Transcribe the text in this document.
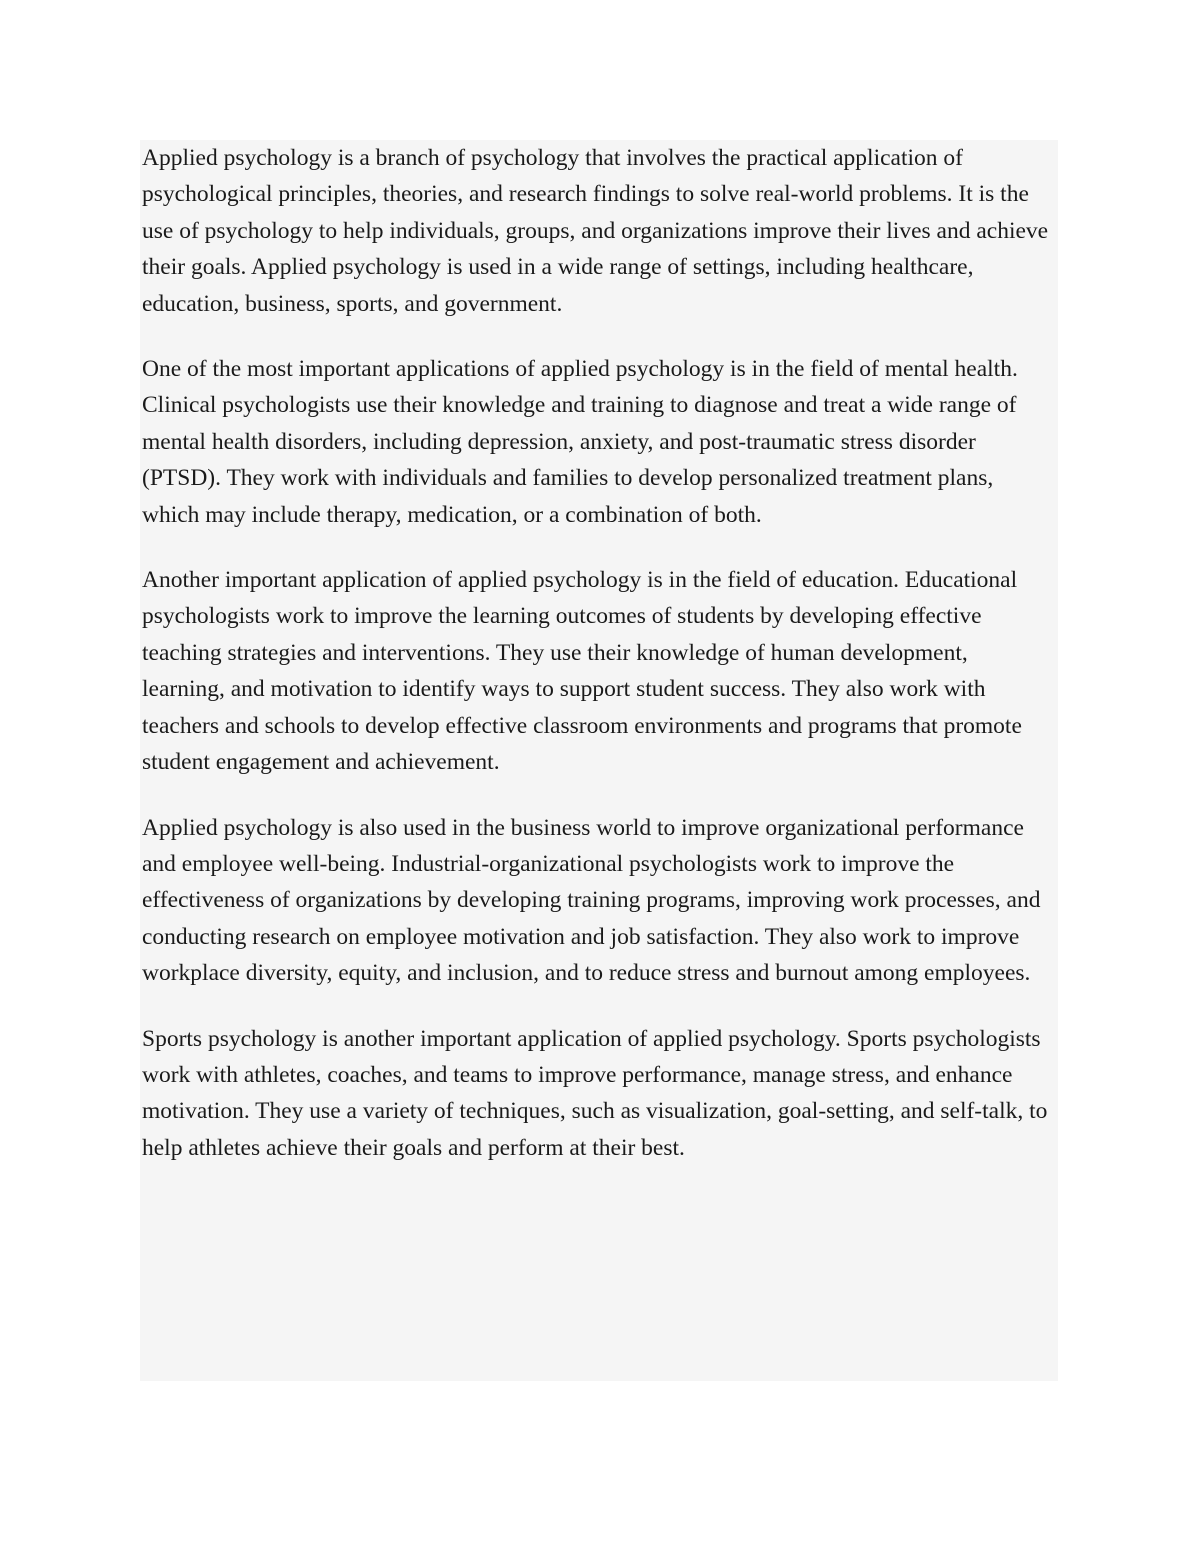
Applied psychology is a branch of psychology that involves the practical application of psychological principles, theories, and research findings to solve real-world problems. It is the use of psychology to help individuals, groups, and organizations improve their lives and achieve their goals. Applied psychology is used in a wide range of settings, including healthcare, education, business, sports, and government.

One of the most important applications of applied psychology is in the field of mental health. Clinical psychologists use their knowledge and training to diagnose and treat a wide range of mental health disorders, including depression, anxiety, and post-traumatic stress disorder (PTSD). They work with individuals and families to develop personalized treatment plans, which may include therapy, medication, or a combination of both.

Another important application of applied psychology is in the field of education. Educational psychologists work to improve the learning outcomes of students by developing effective teaching strategies and interventions. They use their knowledge of human development, learning, and motivation to identify ways to support student success. They also work with teachers and schools to develop effective classroom environments and programs that promote student engagement and achievement.

Applied psychology is also used in the business world to improve organizational performance and employee well-being. Industrial-organizational psychologists work to improve the effectiveness of organizations by developing training programs, improving work processes, and conducting research on employee motivation and job satisfaction. They also work to improve workplace diversity, equity, and inclusion, and to reduce stress and burnout among employees.

Sports psychology is another important application of applied psychology. Sports psychologists work with athletes, coaches, and teams to improve performance, manage stress, and enhance motivation. They use a variety of techniques, such as visualization, goal-setting, and self-talk, to help athletes achieve their goals and perform at their best.
